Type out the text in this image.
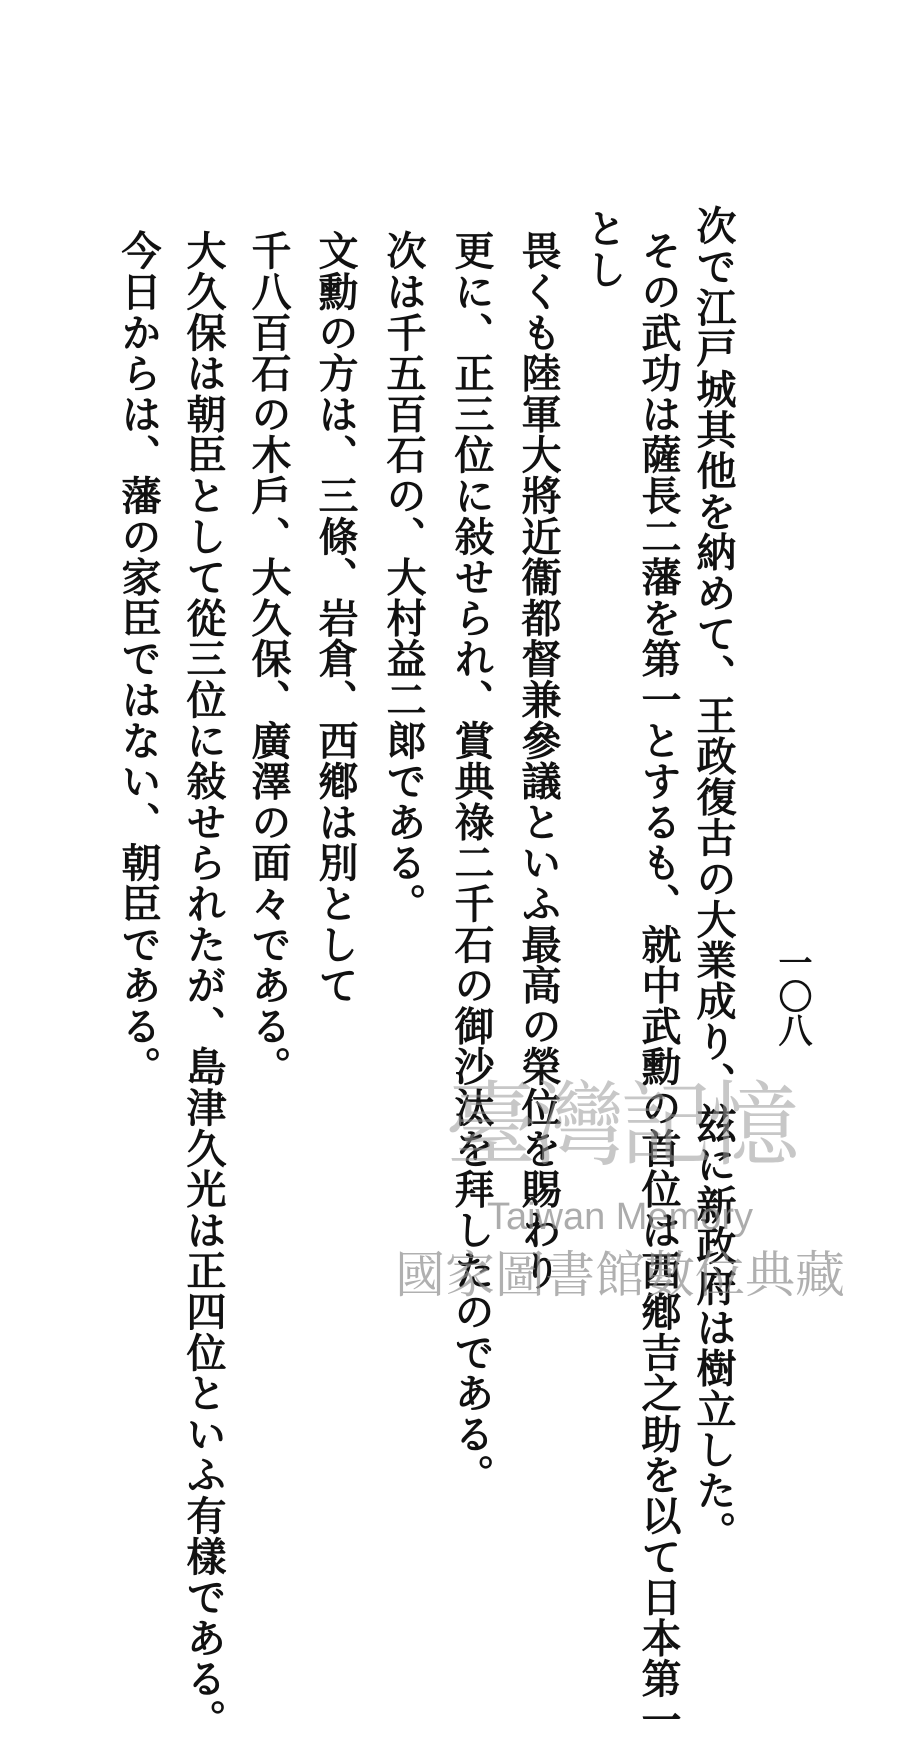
一〇八
次で江戸城其他を納めて、王政復古の大業成り、玆に新政府は樹立した。
その武功は薩長二藩を第一とするも、就中武勳の首位は西鄕吉之助を以て日本第一
とし
畏くも陸軍大將近衞都督兼參議といふ最高の榮位を賜わり
更に、正三位に敍せられ、賞典祿二千石の御沙汰を拜したのである。
次は千五百石の、大村益二郞である。
文勳の方は、三條、岩倉、西鄕は別として
千八百石の木戶、大久保、廣澤の面々である。
大久保は朝臣として從三位に敍せられたが、島津久光は正四位といふ有樣である。
今日からは、藩の家臣ではない、朝臣である。
臺灣記憶
Taiwan Memory
國家圖書館數位典藏
